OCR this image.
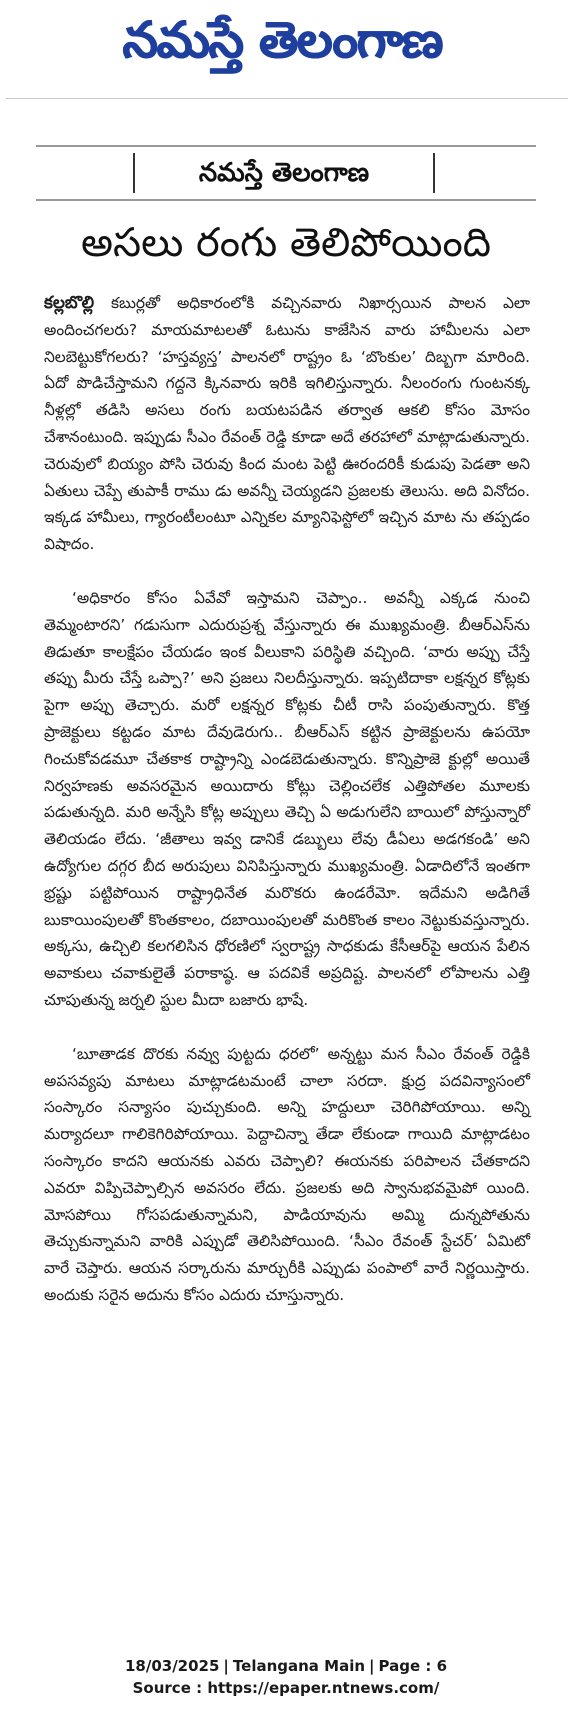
నమస్తే తెలంగాణ
నమస్తే తెలంగాణ
అసలు రంగు తెలిపోయింది

కల్లబొల్లి కబుర్లతో అధికారంలోకి వచ్చినవారు నిఖార్సయిన పాలన ఎలా అందించగలరు? మాయమాటలతో ఓటును కాజేసిన వారు హామీలను ఎలా నిలబెట్టుకోగలరు? ‘హస్తవ్యస్త’ పాలనలో రాష్ట్రం ఓ ‘బొంకుల’ దిబ్బగా మారింది. ఏదో పొడిచేస్తామని గద్దనె క్కినవారు ఇరికి ఇగిలిస్తున్నారు. నీలంరంగు గుంటనక్క నీళ్లల్లో తడిసి అసలు రంగు బయటపడిన తర్వాత ఆకలి కోసం మోసం చేశానంటుంది. ఇప్పుడు సీఎం రేవంత్ రెడ్డి కూడా అదే తరహాలో మాట్లాడుతున్నారు. చెరువులో బియ్యం పోసి చెరువు కింద మంట పెట్టి ఊరందరికీ కుడుపు పెడతా అని ఏతులు చెప్పే తుపాకీ రాము డు అవన్నీ చెయ్యడని ప్రజలకు తెలుసు. అది వినోదం. ఇక్కడ హామీలు, గ్యారంటీలంటూ ఎన్నికల మ్యానిఫెస్టోలో ఇచ్చిన మాట ను తప్పడం విషాదం.

‘అధికారం కోసం ఏవేవో ఇస్తామని చెప్పాం.. అవన్నీ ఎక్కడ నుంచి తెమ్మంటారని’ గడుసుగా ఎదురుప్రశ్న వేస్తున్నారు ఈ ముఖ్యమంత్రి. బీఆర్ఎస్‌ను తిడుతూ కాలక్షేపం చేయడం ఇంక వీలుకాని పరిస్థితి వచ్చింది. ‘వారు అప్పు చేస్తే తప్పు మీరు చేస్తే ఒప్పా?’ అని ప్రజలు నిలదీస్తున్నారు. ఇప్పటిదాకా లక్షన్నర కోట్లకు పైగా అప్పు తెచ్చారు. మరో లక్షన్నర కోట్లకు చీటీ రాసి పంపుతున్నారు. కొత్త ప్రాజెక్టులు కట్టడం మాట దేవుడెరుగు.. బీఆర్ఎస్ కట్టిన ప్రాజెక్టులను ఉపయో గించుకోవడమూ చేతకాక రాష్ట్రాన్ని ఎండబెడుతున్నారు. కొన్నిప్రాజె క్టుల్లో అయితే నిర్వహణకు అవసరమైన అయిదారు కోట్లు చెల్లించలేక ఎత్తిపోతల మూలకు పడుతున్నది. మరి అన్నేసి కోట్ల అప్పులు తెచ్చి ఏ అడుగులేని బాయిలో పోస్తున్నారో తెలియడం లేదు. ‘జీతాలు ఇవ్వ డానికే డబ్బులు లేవు డీఏలు అడగకండి’ అని ఉద్యోగుల దగ్గర బీద అరుపులు వినిపిస్తున్నారు ముఖ్యమంత్రి. ఏడాదిలోనే ఇంతగా భ్రష్టు పట్టిపోయిన రాష్ట్రాధినేత మరొకరు ఉండరేమో. ఇదేమని అడిగితే బుకాయింపులతో కొంతకాలం, దబాయింపులతో మరికొంత కాలం నెట్టుకువస్తున్నారు. అక్కసు, ఉచ్చిలి కలగలిసిన ధోరణిలో స్వరాష్ట్ర సాధకుడు కేసీఆర్‌పై ఆయన పేలిన అవాకులు చవాకులైతే పరాకాష్ఠ. ఆ పదవికే అప్రదిష్ట. పాలనలో లోపాలను ఎత్తి చూపుతున్న జర్నలి స్టుల మీదా బజారు భాషే.

‘బూతాడక దొరకు నవ్వు పుట్టదు ధరలో’ అన్నట్టు మన సీఎం రేవంత్ రెడ్డికి అపసవ్యపు మాటలు మాట్లాడటమంటే చాలా సరదా. క్షుద్ర పదవిన్యాసంలో సంస్కారం సన్యాసం పుచ్చుకుంది. అన్ని హద్దులూ చెరిగిపోయాయి. అన్ని మర్యాదలూ గాలికెగిరిపోయాయి. పెద్దాచిన్నా తేడా లేకుండా గాయిది మాట్లాడటం సంస్కారం కాదని ఆయనకు ఎవరు చెప్పాలి? ఈయనకు పరిపాలన చేతకాదని ఎవరూ విప్పిచెప్పాల్సిన అవసరం లేదు. ప్రజలకు అది స్వానుభవమైపో యింది. మోసపోయి గోసపడుతున్నామని, పాడియావును అమ్మి దున్నపోతును తెచ్చుకున్నామని వారికి ఎప్పుడో తెలిసిపోయింది. ‘సీఎం రేవంత్ స్టేచర్’ ఏమిటో వారే చెప్తారు. ఆయన సర్కారును మార్చురీకి ఎప్పుడు పంపాలో వారే నిర్ణయిస్తారు. అందుకు సరైన అదును కోసం ఎదురు చూస్తున్నారు.

18/03/2025 | Telangana Main | Page : 6
Source : https://epaper.ntnews.com/
